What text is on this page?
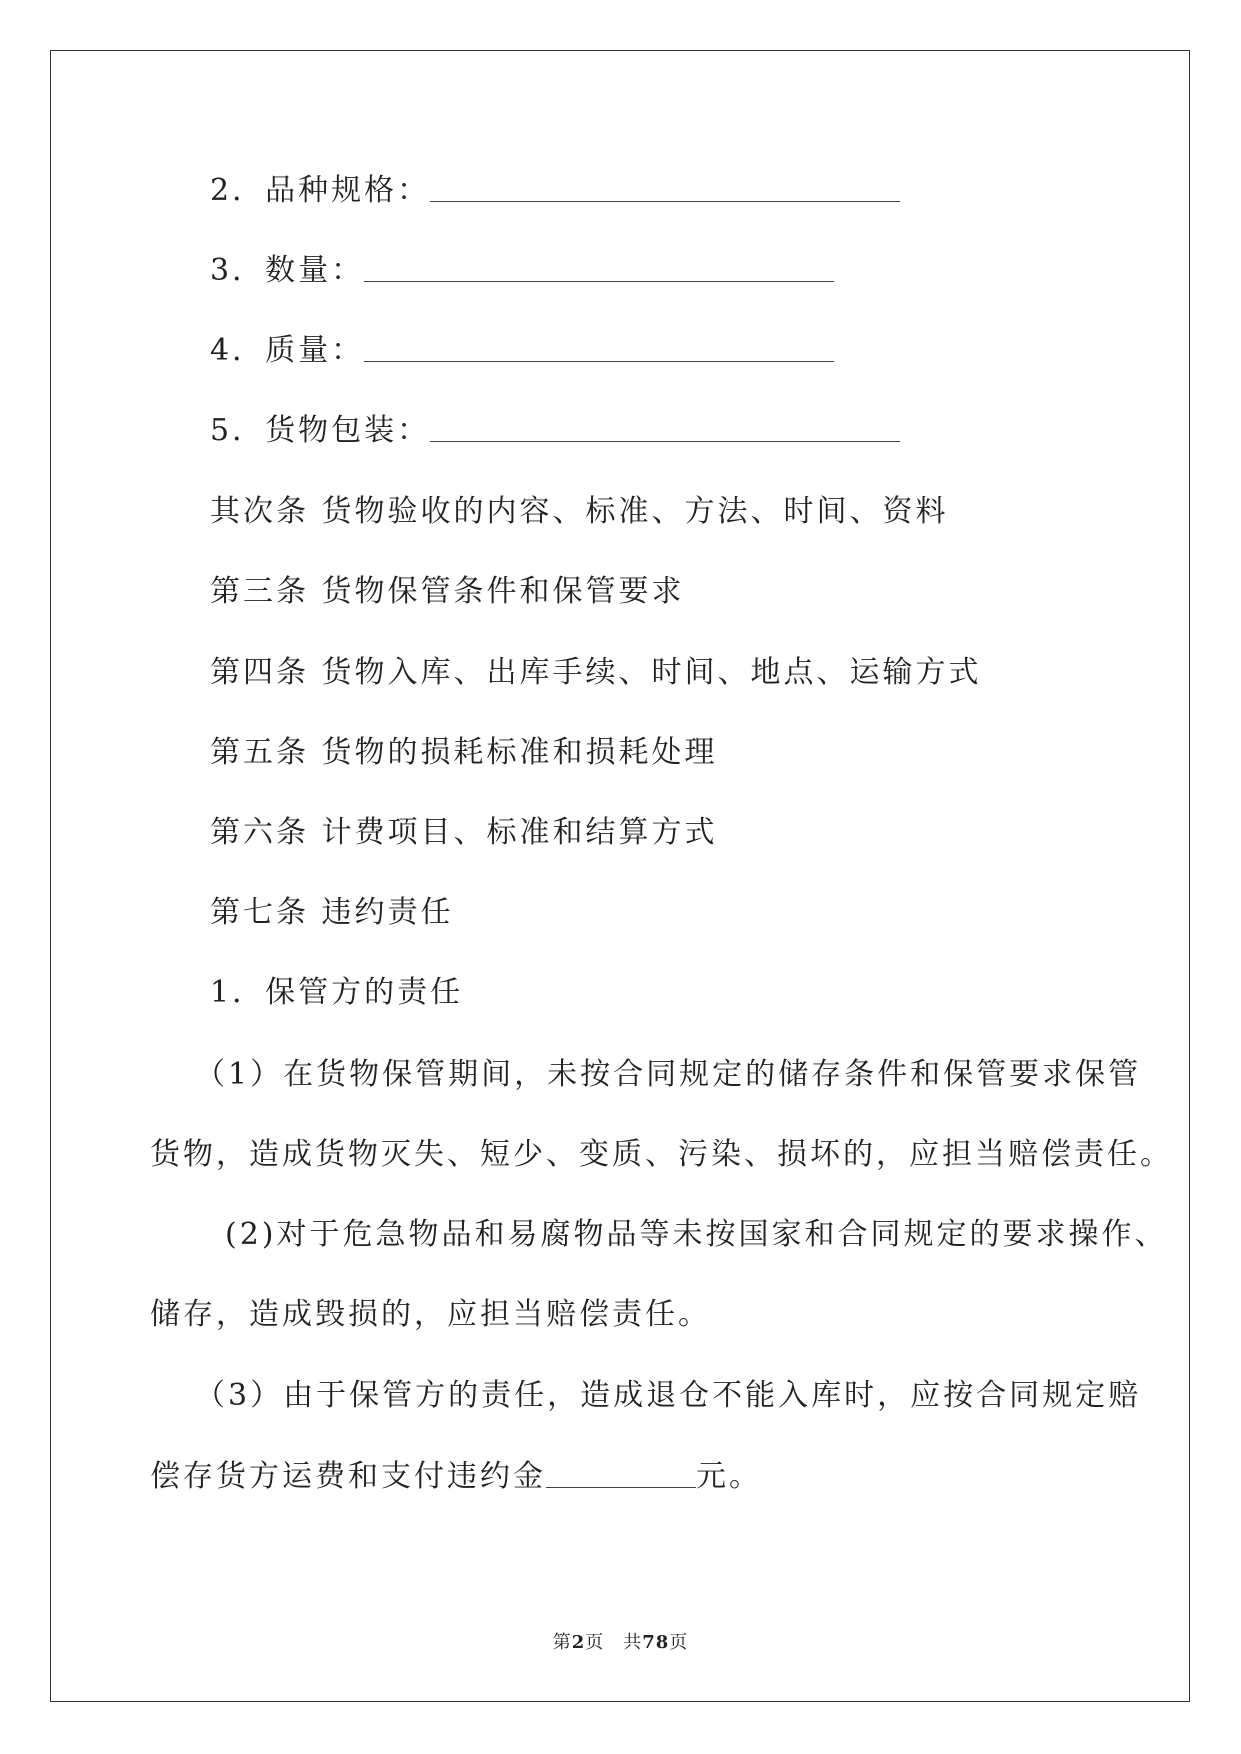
2．品种规格：
3．数量：
4．质量：
5．货物包装：
其次条 货物验收的内容、标准、方法、时间、资料
第三条 货物保管条件和保管要求
第四条 货物入库、出库手续、时间、地点、运输方式
第五条 货物的损耗标准和损耗处理
第六条 计费项目、标准和结算方式
第七条 违约责任
1．保管方的责任
（1）在货物保管期间，未按合同规定的储存条件和保管要求保管
货物，造成货物灭失、短少、变质、污染、损坏的，应担当赔偿责任。
(2)对于危急物品和易腐物品等未按国家和合同规定的要求操作、
储存，造成毁损的，应担当赔偿责任。
（3）由于保管方的责任，造成退仓不能入库时，应按合同规定赔
偿存货方运费和支付违约金	元。
第2页　共78页
